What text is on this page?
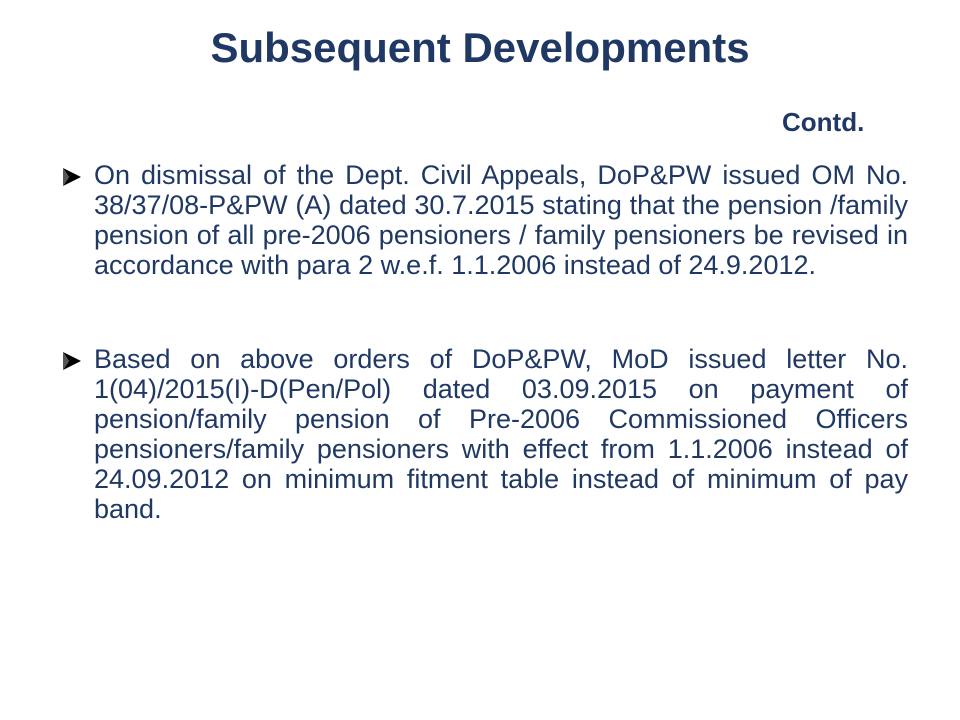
Subsequent Developments
Contd.
On dismissal of the Dept. Civil Appeals, DoP&PW issued OM No. 38/37/08-P&PW (A) dated 30.7.2015 stating that the pension /family pension of all pre-2006 pensioners / family pensioners be revised in accordance with para 2 w.e.f. 1.1.2006 instead of 24.9.2012.
Based on above orders of DoP&PW, MoD issued letter No. 1(04)/2015(I)-D(Pen/Pol) dated 03.09.2015 on payment of pension/family pension of Pre-2006 Commissioned Officers pensioners/family pensioners with effect from 1.1.2006 instead of 24.09.2012 on minimum fitment table instead of minimum of pay band.
